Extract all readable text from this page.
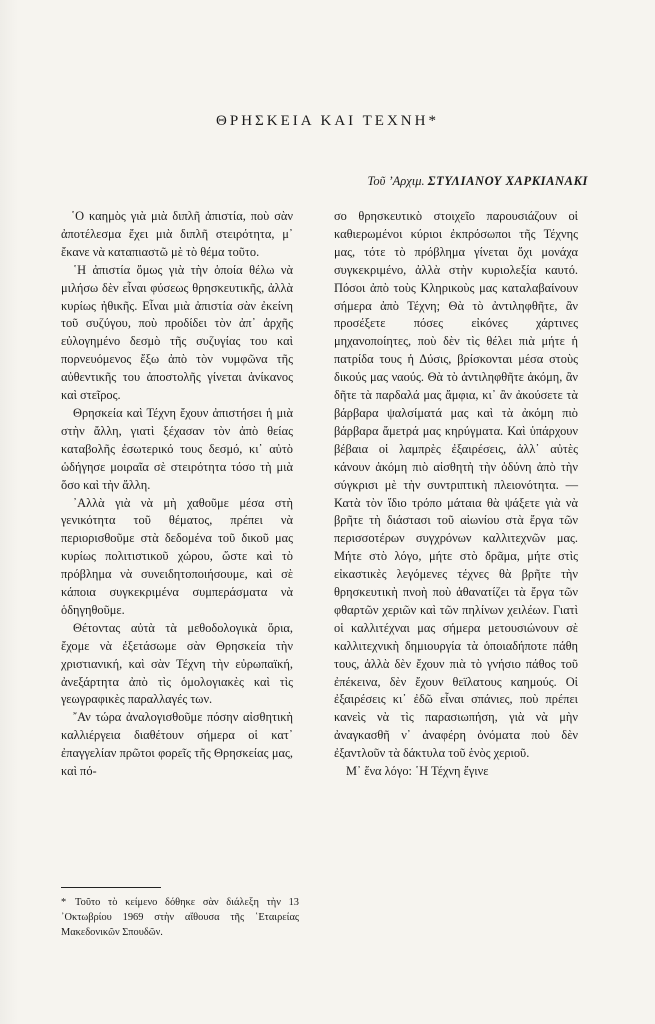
ΘΡΗΣΚΕΙΑ ΚΑΙ ΤΕΧΝΗ*
Τοῦ ’Αρχιμ. ΣΤΥΛΙΑΝΟΥ ΧΑΡΚΙΑΝΑΚΙ

῾Ο καημὸς γιὰ μιὰ διπλῆ ἀπιστία, ποὺ σὰν ἀποτέλεσμα ἔχει μιὰ διπλῆ στειρότητα, μ᾽ ἔκανε νὰ καταπιαστῶ μὲ τὸ θέμα τοῦτο.

῾Η ἀπιστία ὅμως γιὰ τὴν ὁποία θέλω νὰ μιλήσω δὲν εἶναι φύσεως θρησκευτικῆς, ἀλλὰ κυρίως ἠθικῆς. Εἶναι μιὰ ἀπιστία σὰν ἐκείνη τοῦ συζύγου, ποὺ προδίδει τὸν ἀπ᾽ ἀρχῆς εὐλογημένο δεσμὸ τῆς συζυγίας του καὶ πορνευόμενος ἔξω ἀπὸ τὸν νυμφῶνα τῆς αὐθεντικῆς του ἀποστολῆς γίνεται ἀνίκανος καὶ στεῖρος.

Θρησκεία καὶ Τέχνη ἔχουν ἀπιστήσει ἡ μιὰ στὴν ἄλλη, γιατὶ ξέχασαν τὸν ἀπὸ θείας καταβολῆς ἐσωτερικό τους δεσμό, κι᾽ αὐτὸ ὡδήγησε μοιραῖα σὲ στειρότητα τόσο τὴ μιὰ ὅσο καὶ τὴν ἄλλη.

᾽Αλλὰ γιὰ νὰ μὴ χαθοῦμε μέσα στὴ γενικότητα τοῦ θέματος, πρέπει νὰ περιορισθοῦμε στὰ δεδομένα τοῦ δικοῦ μας κυρίως πολιτιστικοῦ χώρου, ὥστε καὶ τὸ πρόβλημα νὰ συνειδητοποιήσουμε, καὶ σὲ κάποια συγκεκριμένα συμπεράσματα νὰ ὁδηγηθοῦμε.

Θέτοντας αὐτὰ τὰ μεθοδολογικὰ ὅρια, ἔχομε νὰ ἐξετάσωμε σὰν Θρησκεία τὴν χριστιανική, καὶ σὰν Τέχνη τὴν εὐρωπαϊκή, ἀνεξάρτητα ἀπὸ τὶς ὁμολογιακὲς καὶ τὶς γεωγραφικὲς παραλλαγές των.

῎Αν τώρα ἀναλογισθοῦμε πόσην αἰσθητικὴ καλλιέργεια διαθέτουν σήμερα οἱ κατ᾽ ἐπαγγελίαν πρῶτοι φορεῖς τῆς Θρησκείας μας, καὶ πό-

σο θρησκευτικὸ στοιχεῖο παρουσιάζουν οἱ καθιερωμένοι κύριοι ἐκπρόσωποι τῆς Τέχνης μας, τότε τὸ πρόβλημα γίνεται ὄχι μονάχα συγκεκριμένο, ἀλλὰ στὴν κυριολεξία καυτό. Πόσοι ἀπὸ τοὺς Κληρικοὺς μας καταλαβαίνουν σήμερα ἀπὸ Τέχνη; Θὰ τὸ ἀντιληφθῆτε, ἂν προσέξετε πόσες εἰκόνες χάρτινες μηχανοποίητες, ποὺ δὲν τὶς θέλει πιὰ μήτε ἡ πατρίδα τους ἡ Δύσις, βρίσκονται μέσα στοὺς δικούς μας ναούς. Θὰ τὸ ἀντιληφθῆτε ἀκόμη, ἂν δῆτε τὰ παρδαλά μας ἄμφια, κι᾽ ἂν ἀκούσετε τὰ βάρβαρα ψαλσίματά μας καὶ τὰ ἀκόμη πιὸ βάρβαρα ἄμετρά μας κηρύγματα. Καὶ ὑπάρχουν βέβαια οἱ λαμπρὲς ἐξαιρέσεις, ἀλλ᾽ αὐτὲς κάνουν ἀκόμη πιὸ αἰσθητὴ τὴν ὀδύνη ἀπὸ τὴν σύγκρισι μὲ τὴν συντριπτικὴ πλειονότητα. — Κατὰ τὸν ἴδιο τρόπο μάταια θὰ ψάξετε γιὰ νὰ βρῆτε τὴ διάστασι τοῦ αἰωνίου στὰ ἔργα τῶν περισσοτέρων συγχρόνων καλλιτεχνῶν μας. Μήτε στὸ λόγο, μήτε στὸ δρᾶμα, μήτε στὶς εἰκαστικὲς λεγόμενες τέχνες θὰ βρῆτε τὴν θρησκευτικὴ πνοὴ ποὺ ἀθανατίζει τὰ ἔργα τῶν φθαρτῶν χεριῶν καὶ τῶν πηλίνων χειλέων. Γιατὶ οἱ καλλιτέχναι μας σήμερα μετουσιώνουν σὲ καλλιτεχνικὴ δημιουργία τὰ ὁποιαδήποτε πάθη τους, ἀλλὰ δὲν ἔχουν πιὰ τὸ γνήσιο πάθος τοῦ ἐπέκεινα, δὲν ἔχουν θεϊλατους καημούς. Οἱ ἐξαιρέσεις κι᾽ ἐδῶ εἶναι σπάνιες, ποὺ πρέπει κανεὶς νὰ τὶς παρασιωπήση, γιὰ νὰ μὴν ἀναγκασθῆ ν᾽ ἀναφέρη ὀνόματα ποὺ δὲν ἐξαντλοῦν τὰ δάκτυλα τοῦ ἑνὸς χεριοῦ.

Μ᾽ ἕνα λόγο: ῾Η Τέχνη ἔγινε

* Τοῦτο τὸ κείμενο δόθηκε σὰν διάλεξη τὴν 13 ᾽Οκτωβρίου 1969 στὴν αἴθουσα τῆς ῾Εταιρείας Μακεδονικῶν Σπουδῶν.
